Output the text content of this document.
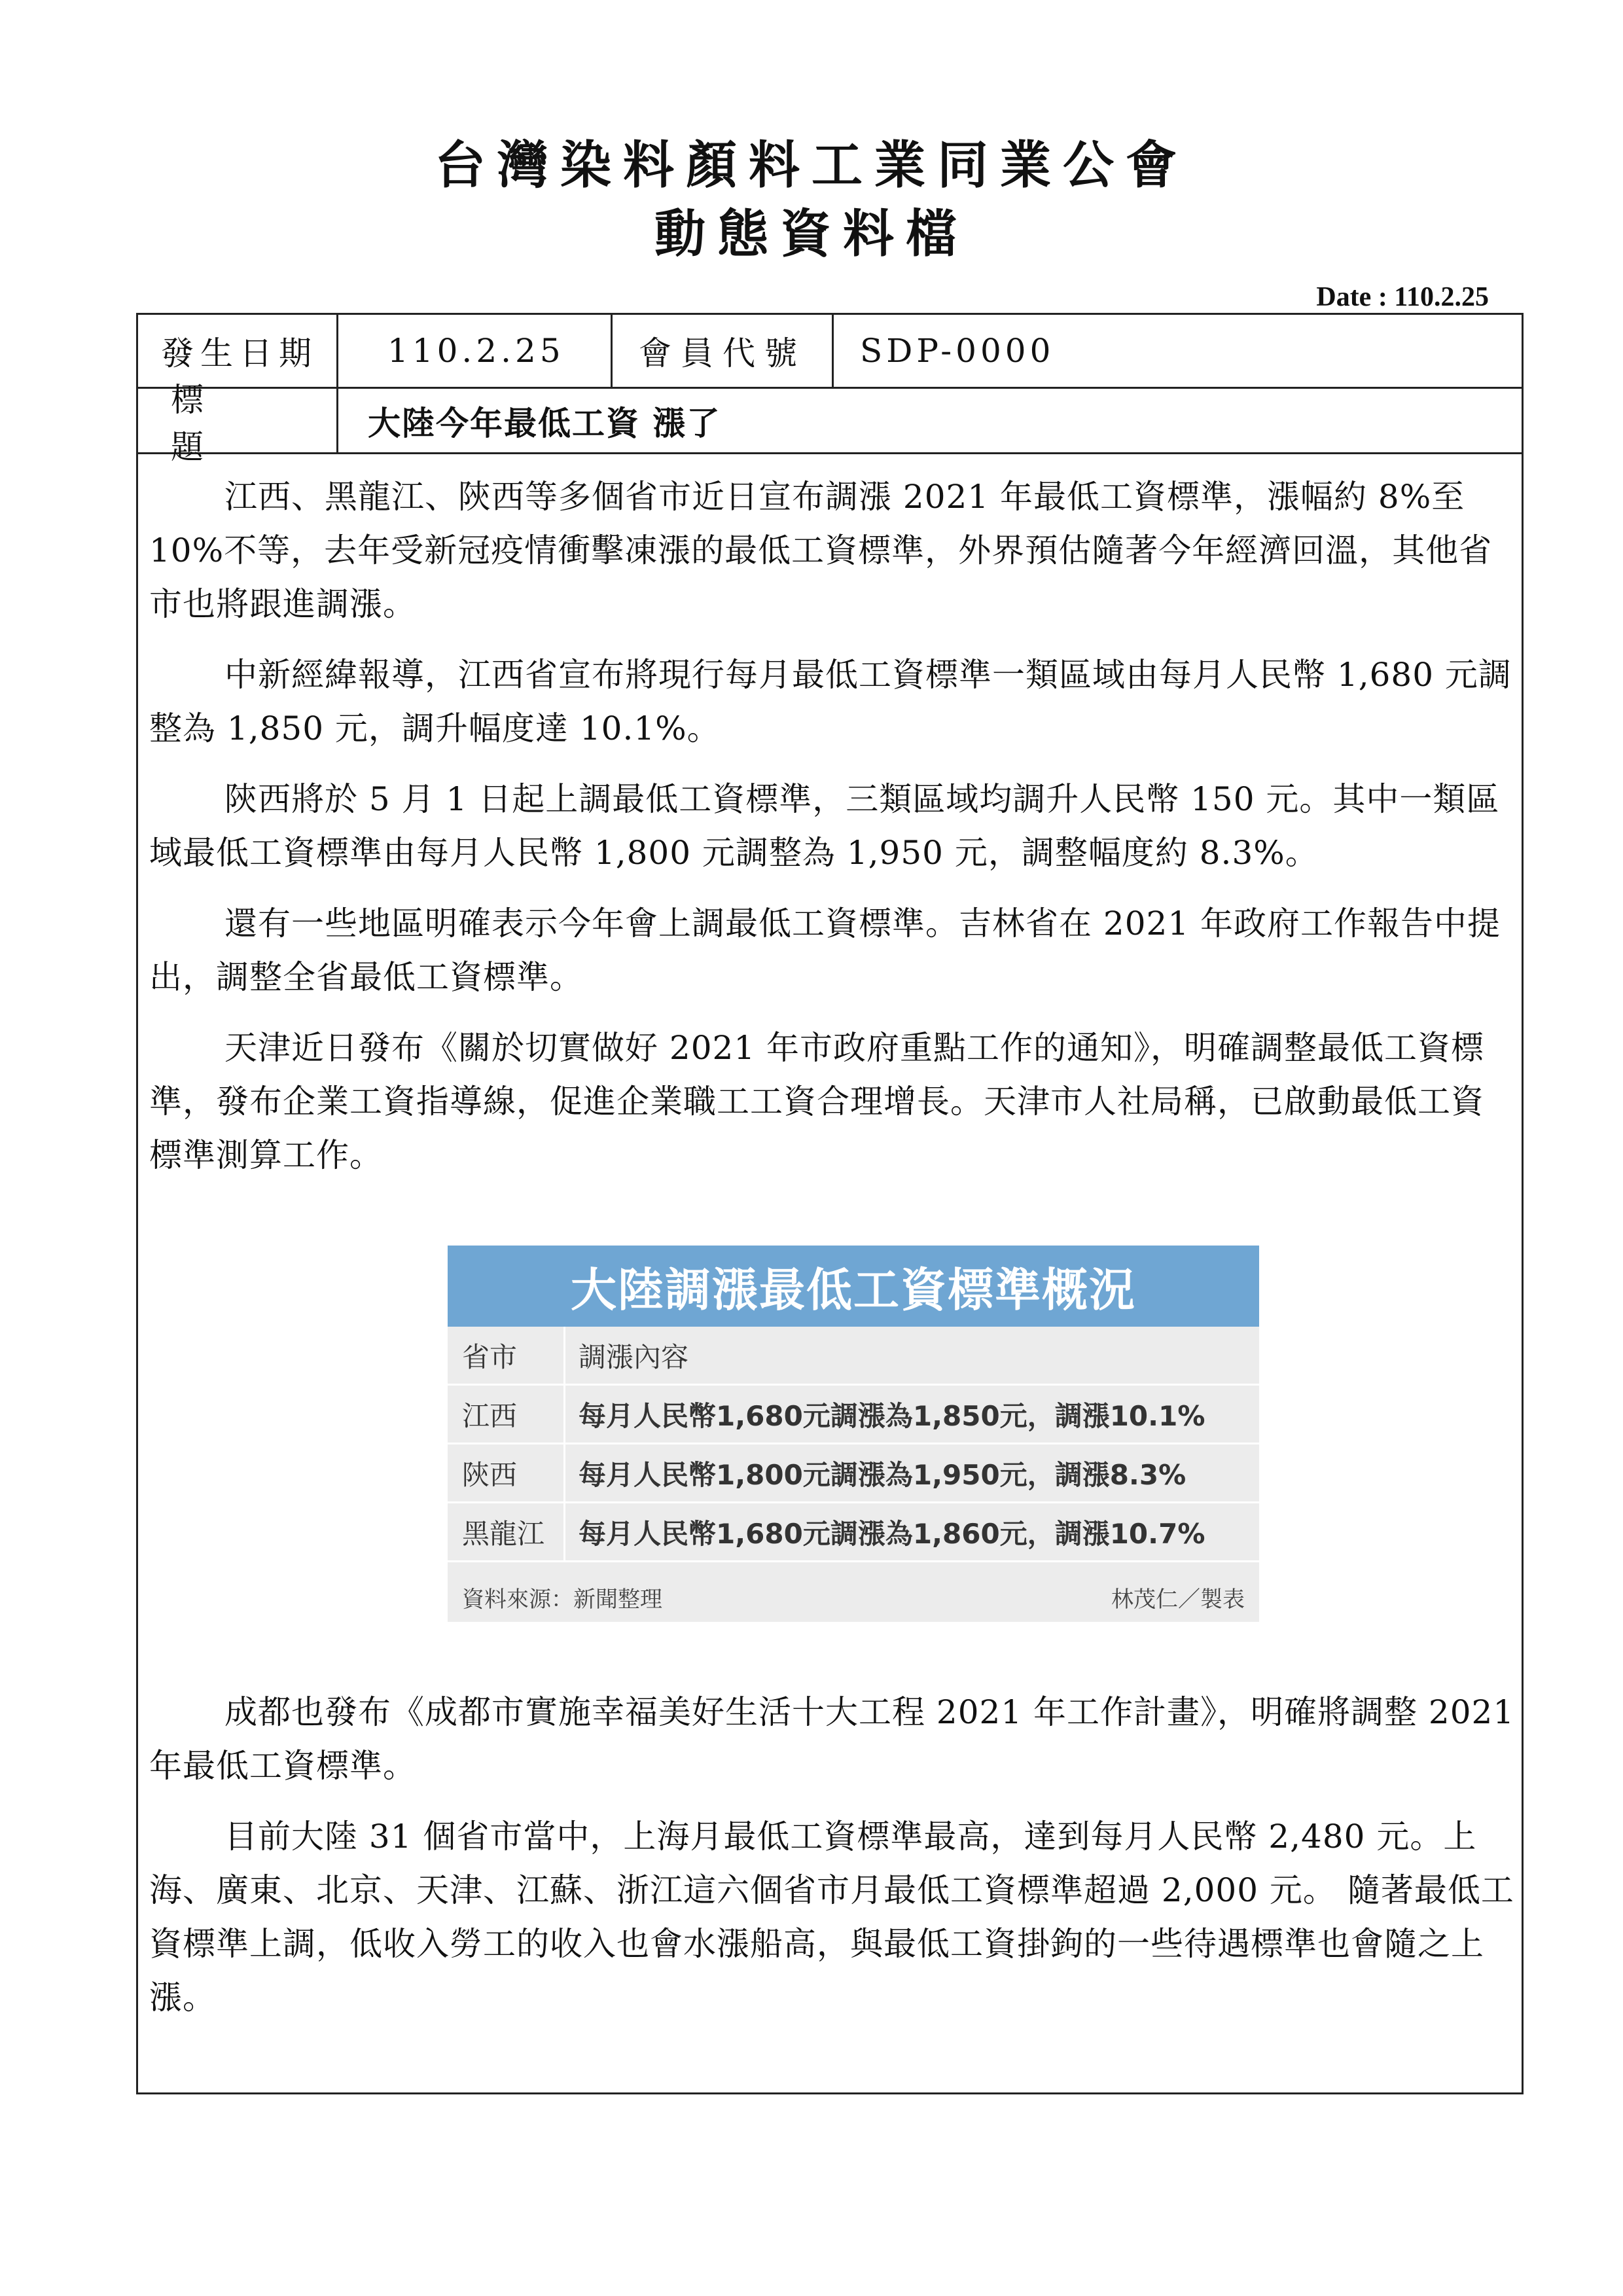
台灣染料顏料工業同業公會
動態資料檔
Date : 110.2.25
發生日期	110.2.25	會員代號	SDP-0000
標題
大陸今年最低工資 漲了

江西、黑龍江、陝西等多個省市近日宣布調漲 2021 年最低工資標準，漲幅約 8%至 10%不等，去年受新冠疫情衝擊凍漲的最低工資標準，外界預估隨著今年經濟回溫，其他省市也將跟進調漲。

中新經緯報導，江西省宣布將現行每月最低工資標準一類區域由每月人民幣 1,680 元調整為 1,850 元，調升幅度達 10.1%。

陝西將於 5 月 1 日起上調最低工資標準，三類區域均調升人民幣 150 元。其中一類區域最低工資標準由每月人民幣 1,800 元調整為 1,950 元，調整幅度約 8.3%。

還有一些地區明確表示今年會上調最低工資標準。吉林省在 2021 年政府工作報告中提出，調整全省最低工資標準。

天津近日發布《關於切實做好 2021 年市政府重點工作的通知》，明確調整最低工資標準，發布企業工資指導線，促進企業職工工資合理增長。天津市人社局稱，已啟動最低工資標準測算工作。

大陸調漲最低工資標準概況
省市	調漲內容
江西	每月人民幣1,680元調漲為1,850元，調漲10.1%
陝西	每月人民幣1,800元調漲為1,950元，調漲8.3%
黑龍江	每月人民幣1,680元調漲為1,860元，調漲10.7%
資料來源：新聞整理	林茂仁／製表

成都也發布《成都市實施幸福美好生活十大工程 2021 年工作計畫》，明確將調整 2021 年最低工資標準。

目前大陸 31 個省市當中，上海月最低工資標準最高，達到每月人民幣 2,480 元。上海、廣東、北京、天津、江蘇、浙江這六個省市月最低工資標準超過 2,000 元。 隨著最低工資標準上調，低收入勞工的收入也會水漲船高，與最低工資掛鉤的一些待遇標準也會隨之上漲。
